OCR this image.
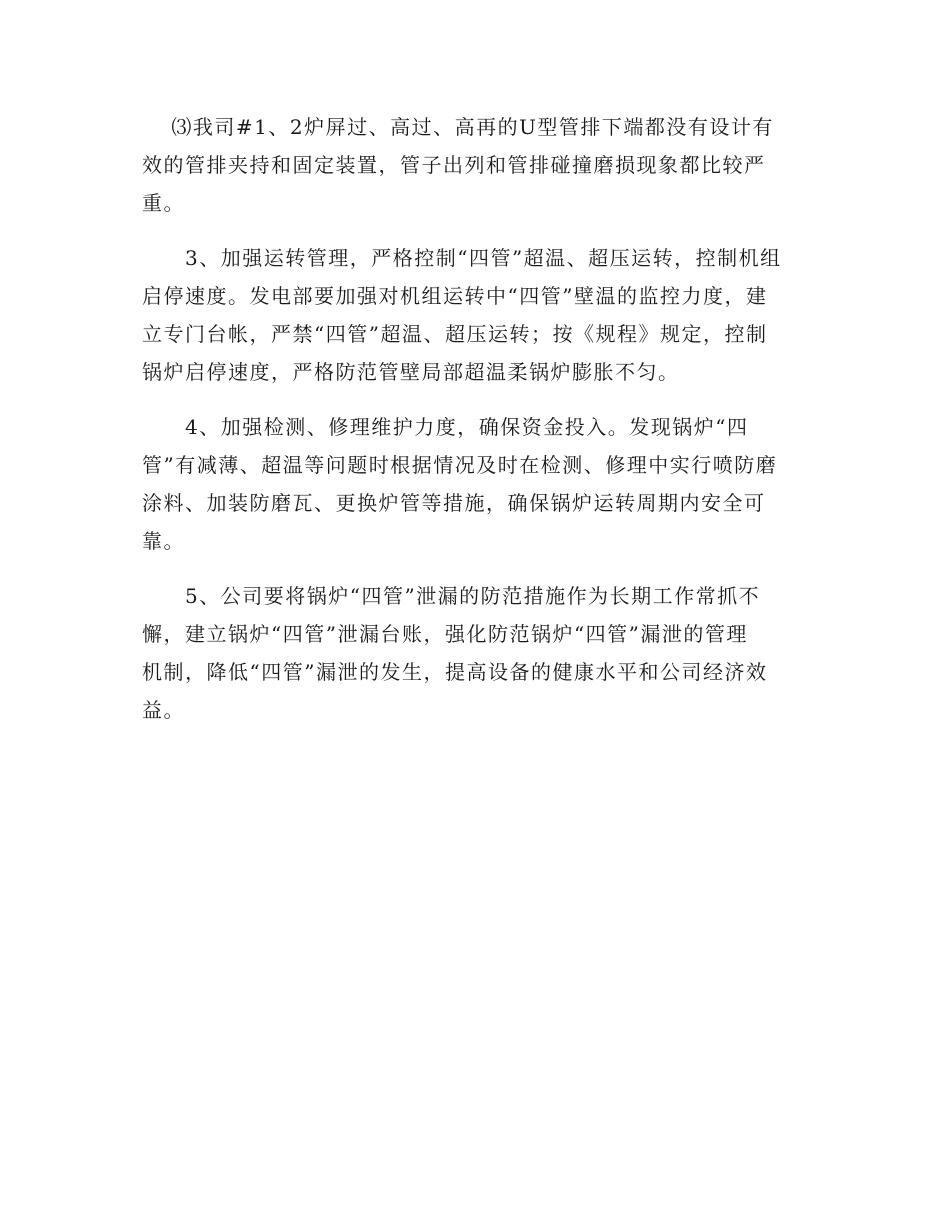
　 ⑶我司#1、2炉屏过、高过、高再的U型管排下端都没有设计有
效的管排夹持和固定装置，管子出列和管排碰撞磨损现象都比较严
重。
　　3、加强运转管理，严格控制“四管”超温、超压运转，控制机组
启停速度。发电部要加强对机组运转中“四管”壁温的监控力度，建
立专门台帐，严禁“四管”超温、超压运转；按《规程》规定，控制
锅炉启停速度，严格防范管壁局部超温柔锅炉膨胀不匀。
　　4、加强检测、修理维护力度，确保资金投入。发现锅炉“四
管”有减薄、超温等问题时根据情况及时在检测、修理中实行喷防磨
涂料、加装防磨瓦、更换炉管等措施，确保锅炉运转周期内安全可
靠。
　　5、公司要将锅炉“四管”泄漏的防范措施作为长期工作常抓不
懈，建立锅炉“四管”泄漏台账，强化防范锅炉“四管”漏泄的管理
机制，降低“四管”漏泄的发生，提高设备的健康水平和公司经济效
益。
